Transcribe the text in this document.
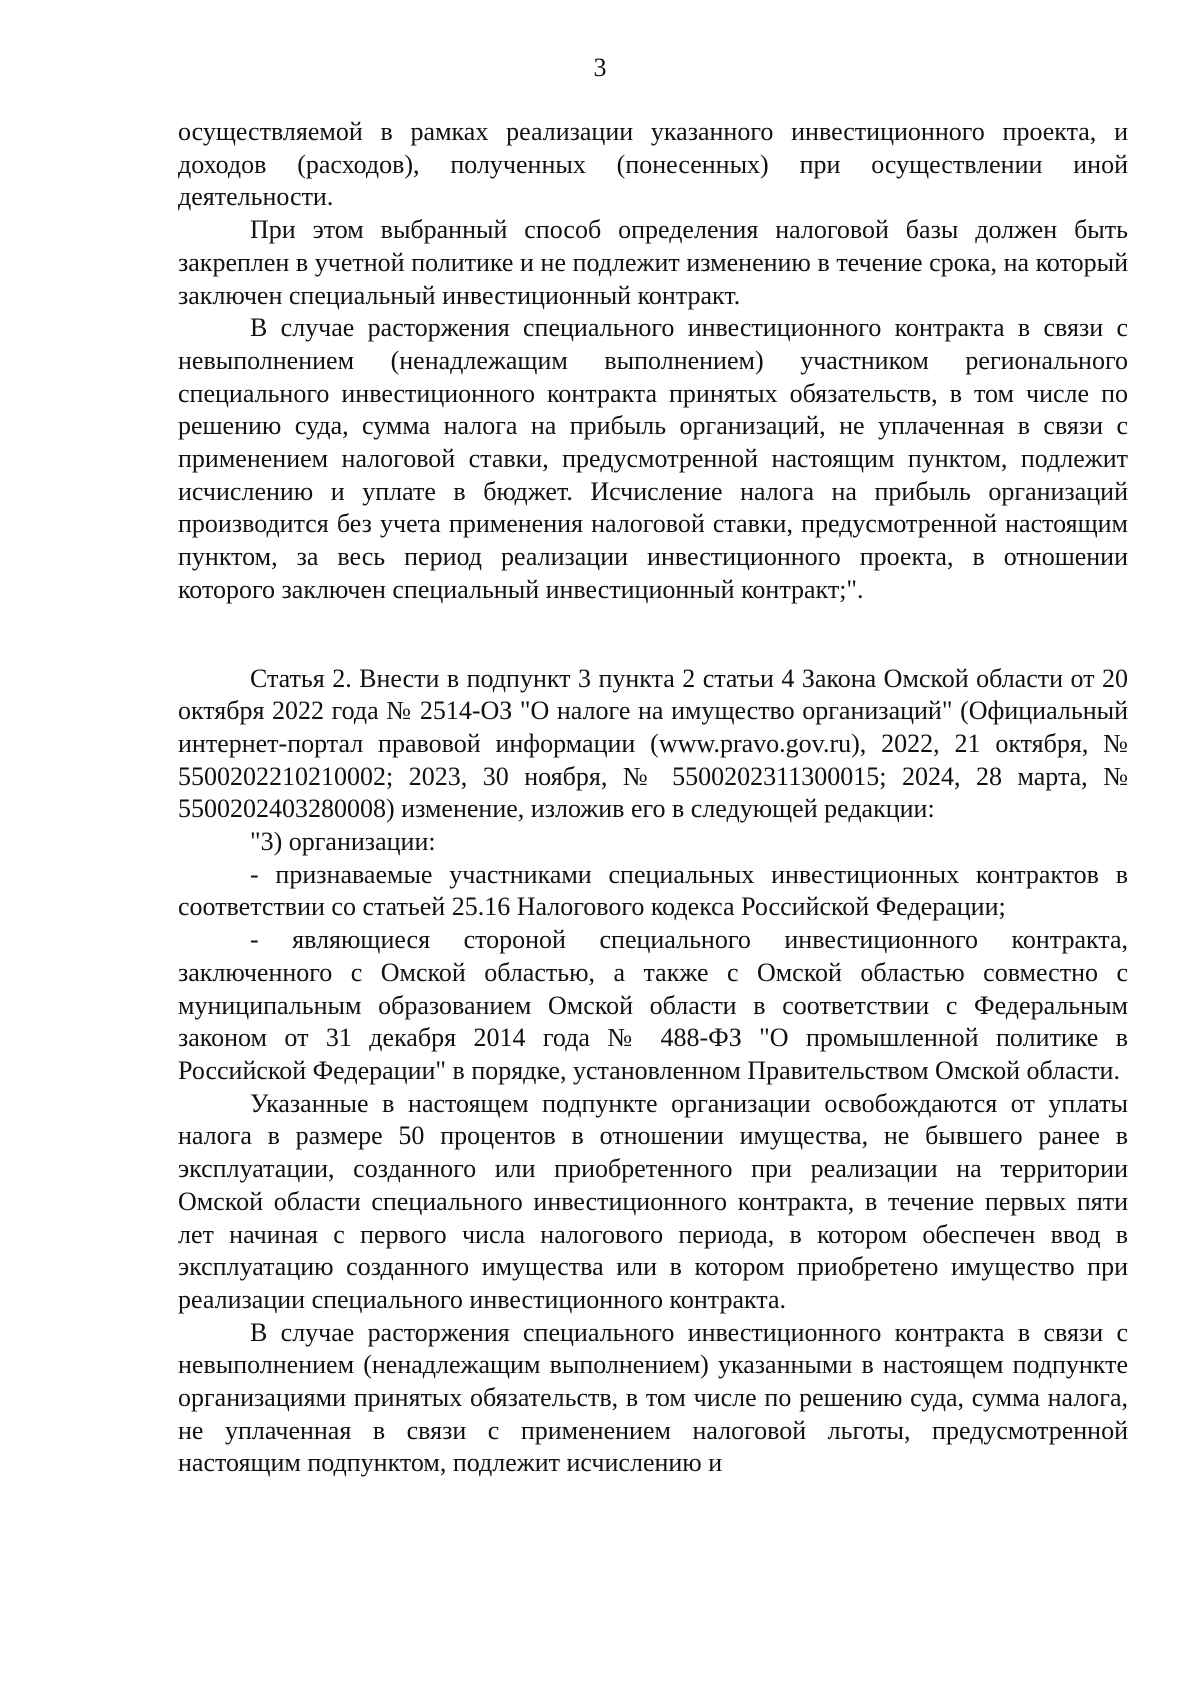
3

осуществляемой в рамках реализации указанного инвестиционного проекта, и доходов (расходов), полученных (понесенных) при осуществлении иной деятельности.

При этом выбранный способ определения налоговой базы должен быть закреплен в учетной политике и не подлежит изменению в течение срока, на который заключен специальный инвестиционный контракт.

В случае расторжения специального инвестиционного контракта в связи с невыполнением (ненадлежащим выполнением) участником регионального специального инвестиционного контракта принятых обязательств, в том числе по решению суда, сумма налога на прибыль организаций, не уплаченная в связи с применением налоговой ставки, предусмотренной настоящим пунктом, подлежит исчислению и уплате в бюджет. Исчисление налога на прибыль организаций производится без учета применения налоговой ставки, предусмотренной настоящим пунктом, за весь период реализации инвестиционного проекта, в отношении которого заключен специальный инвестиционный контракт;".

Статья 2. Внести в подпункт 3 пункта 2 статьи 4 Закона Омской области от 20 октября 2022 года № 2514-ОЗ "О налоге на имущество организаций" (Официальный интернет-портал правовой информации (www.pravo.gov.ru), 2022, 21 октября, № 5500202210210002; 2023, 30 ноября, № 5500202311300015; 2024, 28 марта, № 5500202403280008) изменение, изложив его в следующей редакции:

"3) организации:

- признаваемые участниками специальных инвестиционных контрактов в соответствии со статьей 25.16 Налогового кодекса Российской Федерации;

- являющиеся стороной специального инвестиционного контракта, заключенного с Омской областью, а также с Омской областью совместно с муниципальным образованием Омской области в соответствии с Федеральным законом от 31 декабря 2014 года № 488-ФЗ "О промышленной политике в Российской Федерации" в порядке, установленном Правительством Омской области.

Указанные в настоящем подпункте организации освобождаются от уплаты налога в размере 50 процентов в отношении имущества, не бывшего ранее в эксплуатации, созданного или приобретенного при реализации на территории Омской области специального инвестиционного контракта, в течение первых пяти лет начиная с первого числа налогового периода, в котором обеспечен ввод в эксплуатацию созданного имущества или в котором приобретено имущество при реализации специального инвестиционного контракта.

В случае расторжения специального инвестиционного контракта в связи с невыполнением (ненадлежащим выполнением) указанными в настоящем подпункте организациями принятых обязательств, в том числе по решению суда, сумма налога, не уплаченная в связи с применением налоговой льготы, предусмотренной настоящим подпунктом, подлежит исчислению и
